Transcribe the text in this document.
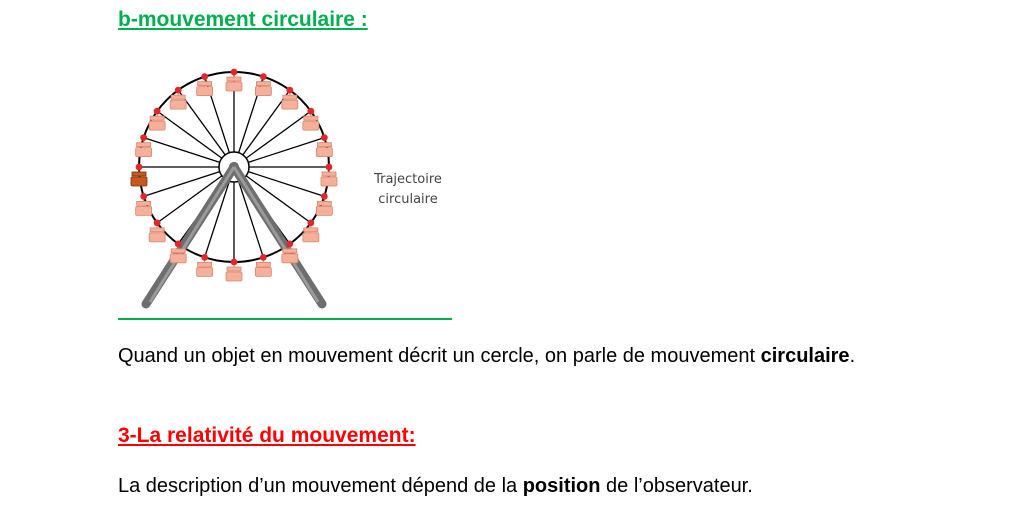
b-mouvement circulaire :
Trajectoire
circulaire
Quand un objet en mouvement décrit un cercle, on parle de mouvement circulaire.
3-La relativité du mouvement:
La description d’un mouvement dépend de la position de l’observateur.
